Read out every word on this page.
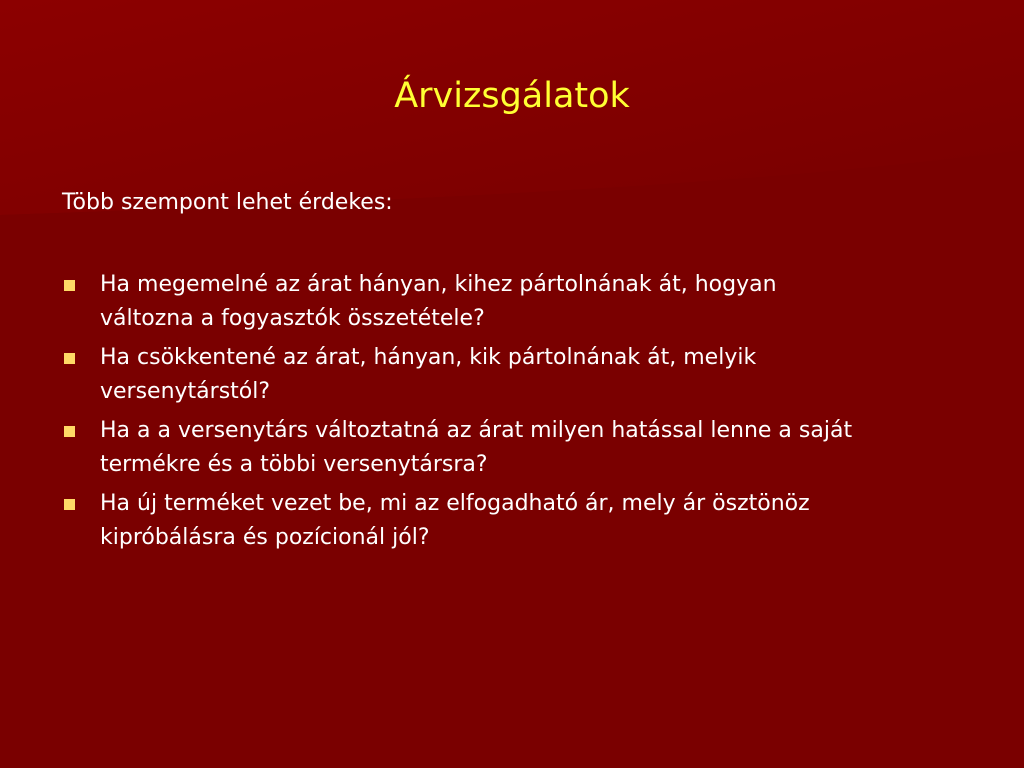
Árvizsgálatok
Több szempont lehet érdekes:
Ha megemelné az árat hányan, kihez pártolnának át, hogyan
változna a fogyasztók összetétele?
Ha csökkentené az árat, hányan, kik pártolnának át, melyik
versenytárstól?
Ha a a versenytárs változtatná az árat milyen hatással lenne a saját
termékre és a többi versenytársra?
Ha új terméket vezet be, mi az elfogadható ár, mely ár ösztönöz
kipróbálásra és pozícionál jól?
